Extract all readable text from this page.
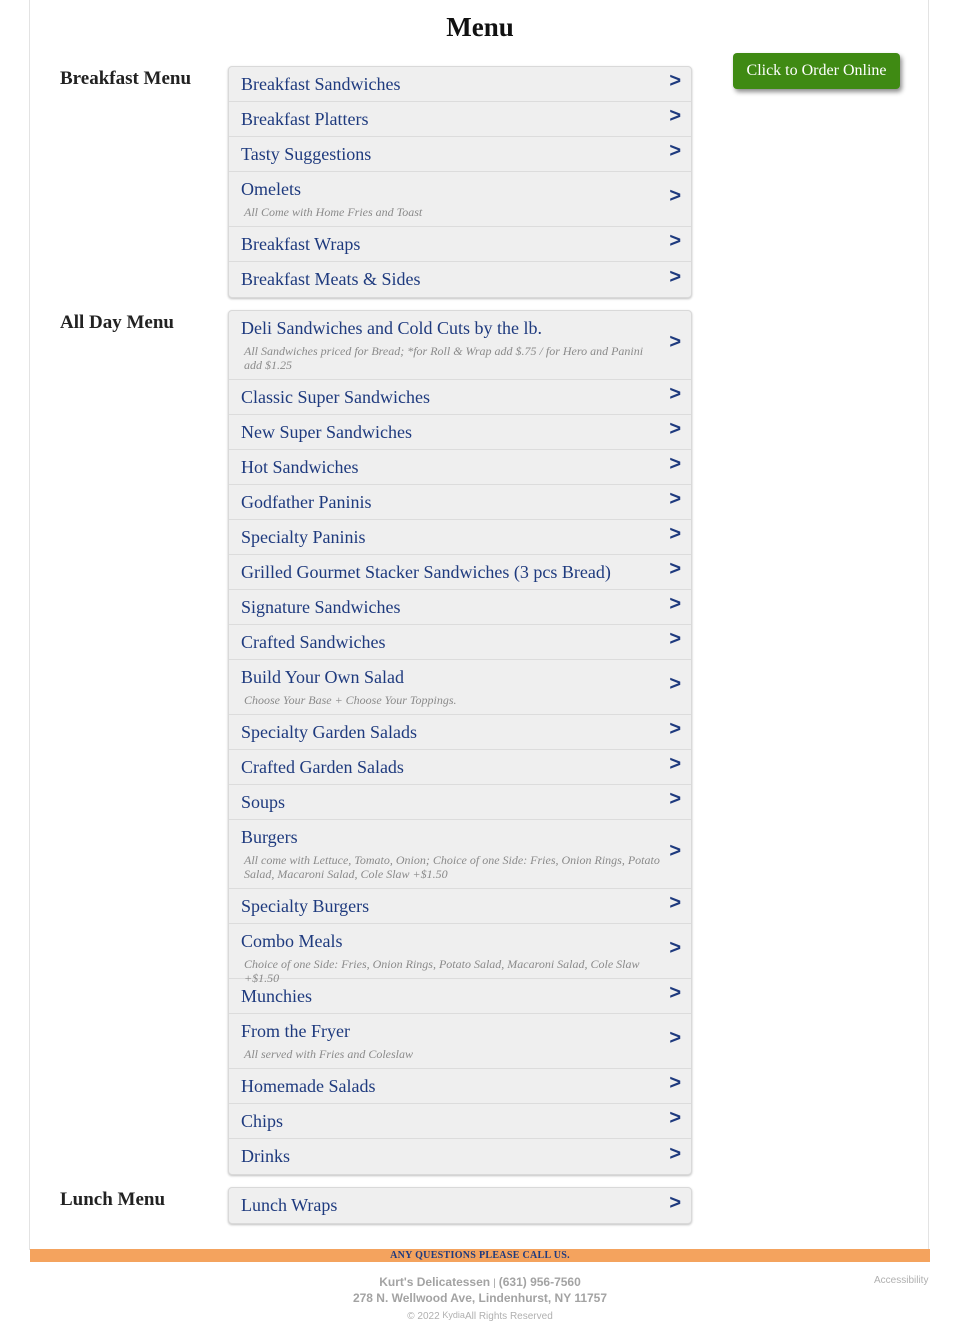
Menu
Click to Order Online
Breakfast Menu	Breakfast Sandwiches	>
Breakfast Platters	>
Tasty Suggestions	>
Omelets
All Come with Home Fries and Toast
>
Breakfast Wraps	>
Breakfast Meats & Sides	>
All Day Menu	Deli Sandwiches and Cold Cuts by the lb.
All Sandwiches priced for Bread; *for Roll & Wrap add $.75 / for Hero and Panini add $1.25
>
Classic Super Sandwiches	>
New Super Sandwiches	>
Hot Sandwiches	>
Godfather Paninis	>
Specialty Paninis	>
Grilled Gourmet Stacker Sandwiches (3 pcs Bread)	>
Signature Sandwiches	>
Crafted Sandwiches	>
Build Your Own Salad
Choose Your Base + Choose Your Toppings.
>
Specialty Garden Salads	>
Crafted Garden Salads	>
Soups	>
Burgers
All come with Lettuce, Tomato, Onion; Choice of one Side: Fries, Onion Rings, Potato Salad, Macaroni Salad, Cole Slaw +$1.50
>
Specialty Burgers	>
Combo Meals
Choice of one Side: Fries, Onion Rings, Potato Salad, Macaroni Salad, Cole Slaw +$1.50
>
Munchies	>
From the Fryer
All served with Fries and Coleslaw
>
Homemade Salads	>
Chips	>
Drinks	>
Lunch Menu	Lunch Wraps	>
ANY QUESTIONS PLEASE CALL US.
Kurt's Delicatessen | (631) 956-7560
278 N. Wellwood Ave, Lindenhurst, NY 11757
© 2022 KydiaAll Rights Reserved
Accessibility
